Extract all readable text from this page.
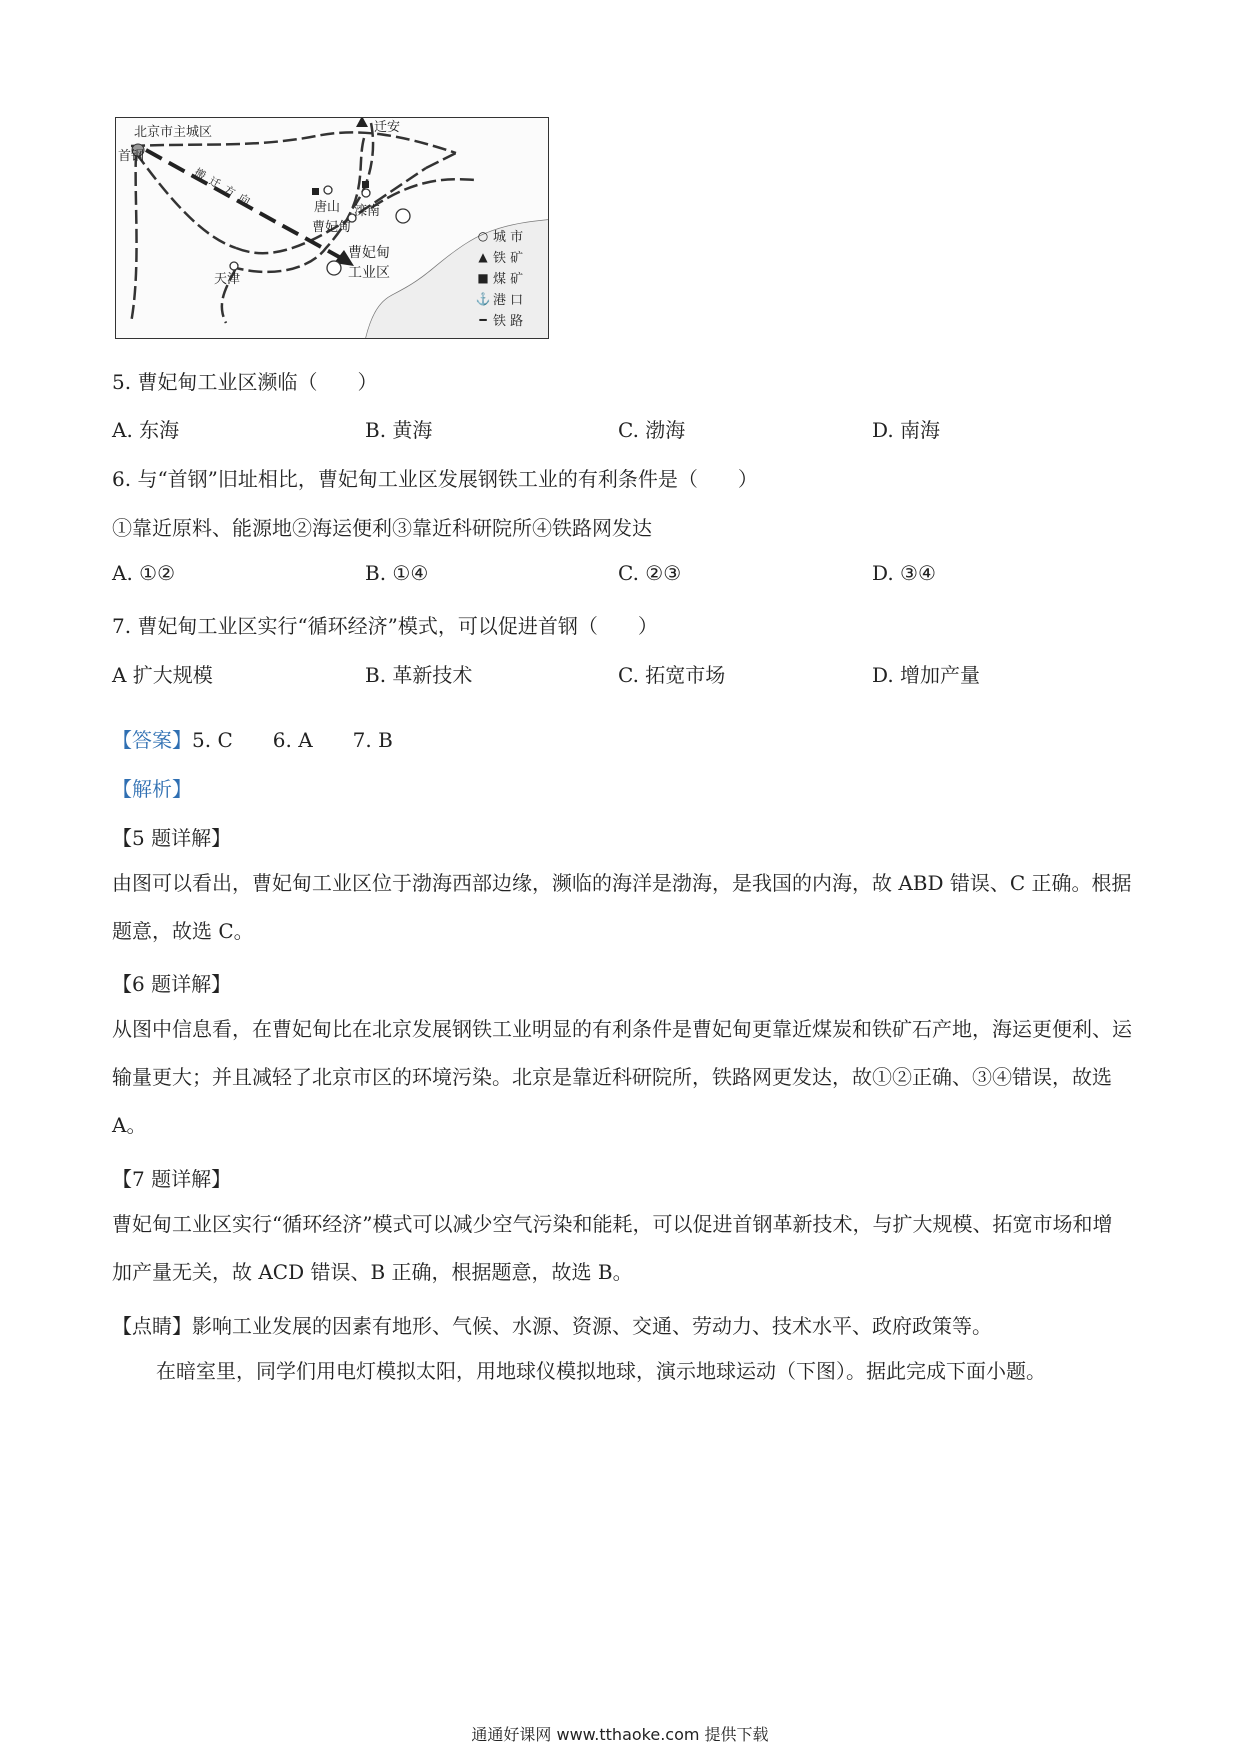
北京市主城区
首钢
迁安
搬迁方向	唐山 滦南
曹妃甸
天津
曹妃甸工业区
○ 城 市
▲ 铁 矿
■ 煤 矿
⚓ 港 口
━ 铁 路
5. 曹妃甸工业区濒临（　　）
A. 东海	B. 黄海	C. 渤海	D. 南海
6. 与“首钢”旧址相比，曹妃甸工业区发展钢铁工业的有利条件是（　　）
①靠近原料、能源地②海运便利③靠近科研院所④铁路网发达
A. ①②	B. ①④	C. ②③	D. ③④
7. 曹妃甸工业区实行“循环经济”模式，可以促进首钢（　　）
A 扩大规模	B. 革新技术	C. 拓宽市场	D. 增加产量
【答案】5. C 6. A 7. B
【解析】
【5 题详解】
由图可以看出，曹妃甸工业区位于渤海西部边缘，濒临的海洋是渤海，是我国的内海，故 ABD 错误、C 正确。根据题意，故选 C。
【6 题详解】
从图中信息看，在曹妃甸比在北京发展钢铁工业明显的有利条件是曹妃甸更靠近煤炭和铁矿石产地，海运更便利、运输量更大；并且减轻了北京市区的环境污染。北京是靠近科研院所，铁路网更发达，故①②正确、③④错误，故选 A。
【7 题详解】
曹妃甸工业区实行“循环经济”模式可以减少空气污染和能耗，可以促进首钢革新技术，与扩大规模、拓宽市场和增加产量无关，故 ACD 错误、B 正确，根据题意，故选 B。
【点睛】影响工业发展的因素有地形、气候、水源、资源、交通、劳动力、技术水平、政府政策等。
在暗室里，同学们用电灯模拟太阳，用地球仪模拟地球，演示地球运动（下图）。据此完成下面小题。
通通好课网 www.tthaoke.com 提供下载
